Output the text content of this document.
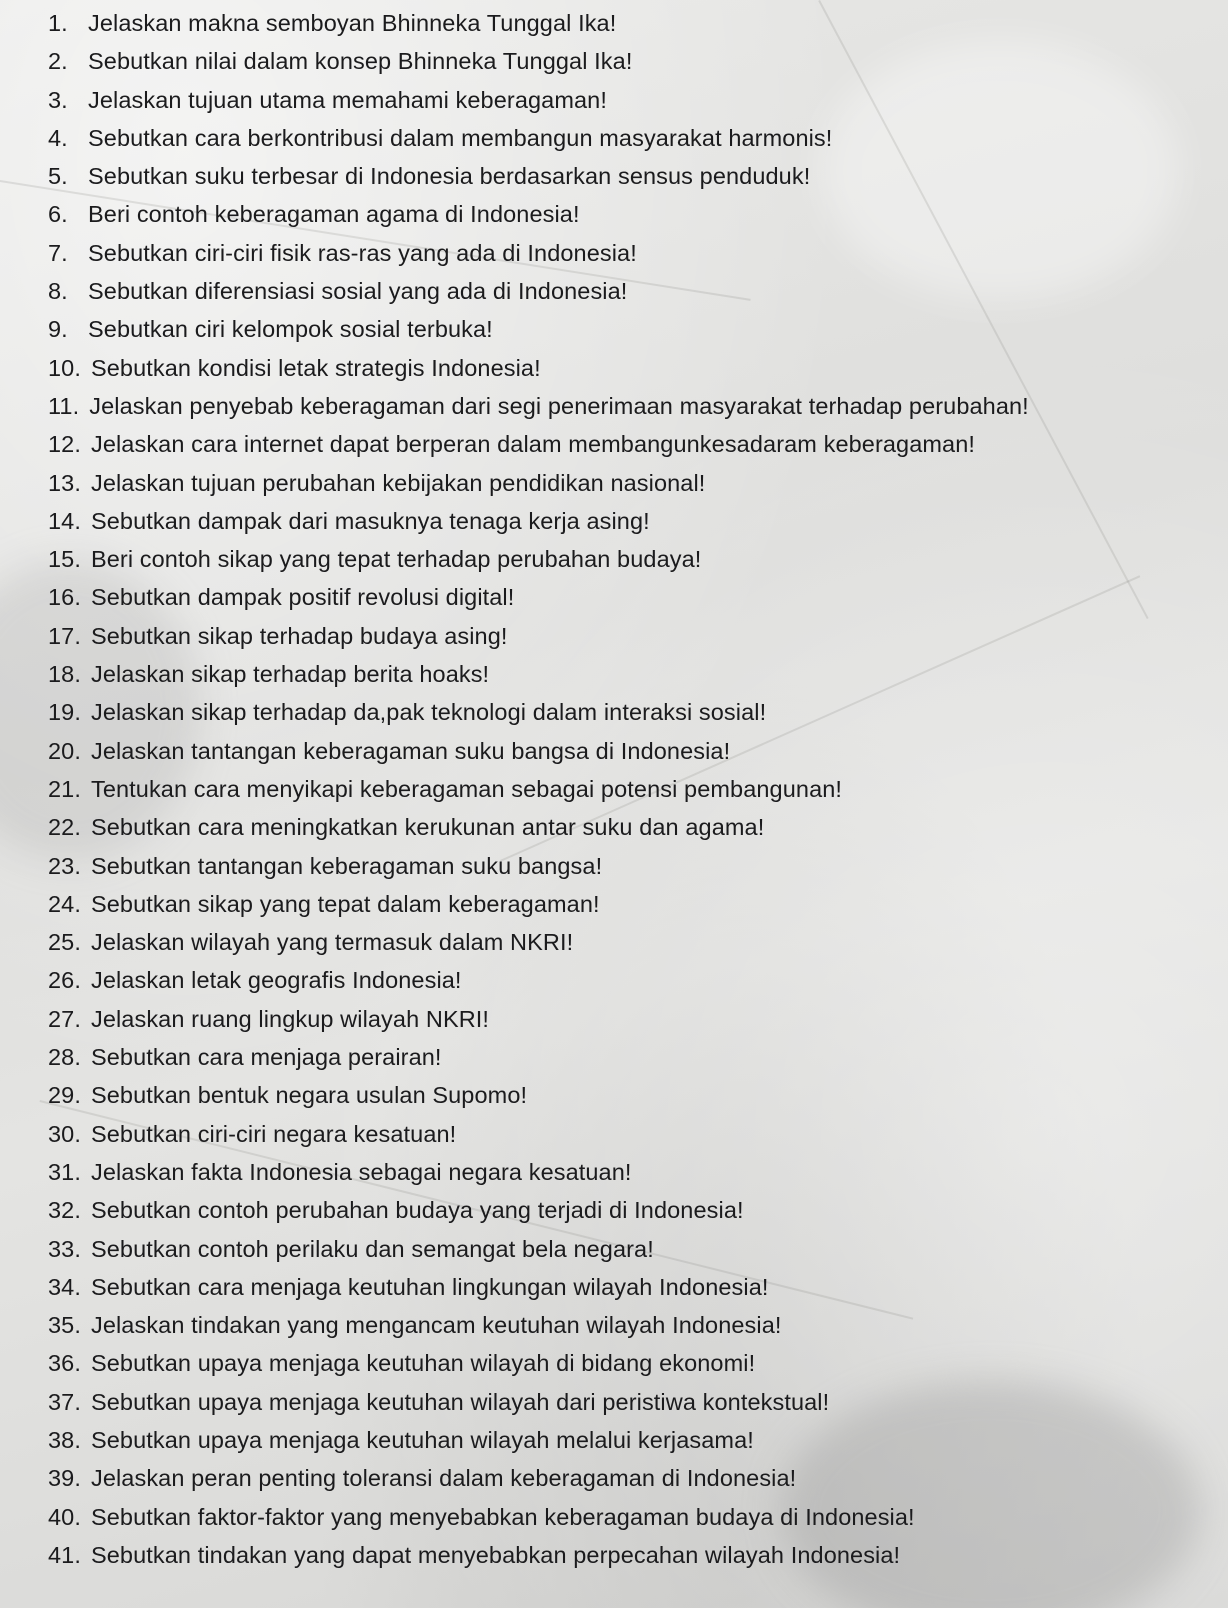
1. Jelaskan makna semboyan Bhinneka Tunggal Ika!
2. Sebutkan nilai dalam konsep Bhinneka Tunggal Ika!
3. Jelaskan tujuan utama memahami keberagaman!
4. Sebutkan cara berkontribusi dalam membangun masyarakat harmonis!
5. Sebutkan suku terbesar di Indonesia berdasarkan sensus penduduk!
6. Beri contoh keberagaman agama di Indonesia!
7. Sebutkan ciri-ciri fisik ras-ras yang ada di Indonesia!
8. Sebutkan diferensiasi sosial yang ada di Indonesia!
9. Sebutkan ciri kelompok sosial terbuka!
10. Sebutkan kondisi letak strategis Indonesia!
11. Jelaskan penyebab keberagaman dari segi penerimaan masyarakat terhadap perubahan!
12. Jelaskan cara internet dapat berperan dalam membangunkesadaram keberagaman!
13. Jelaskan tujuan perubahan kebijakan pendidikan nasional!
14. Sebutkan dampak dari masuknya tenaga kerja asing!
15. Beri contoh sikap yang tepat terhadap perubahan budaya!
16. Sebutkan dampak positif revolusi digital!
17. Sebutkan sikap terhadap budaya asing!
18. Jelaskan sikap terhadap berita hoaks!
19. Jelaskan sikap terhadap da,pak teknologi dalam interaksi sosial!
20. Jelaskan tantangan keberagaman suku bangsa di Indonesia!
21. Tentukan cara menyikapi keberagaman sebagai potensi pembangunan!
22. Sebutkan cara meningkatkan kerukunan antar suku dan agama!
23. Sebutkan tantangan keberagaman suku bangsa!
24. Sebutkan sikap yang tepat dalam keberagaman!
25. Jelaskan wilayah yang termasuk dalam NKRI!
26. Jelaskan letak geografis Indonesia!
27. Jelaskan ruang lingkup wilayah NKRI!
28. Sebutkan cara menjaga perairan!
29. Sebutkan bentuk negara usulan Supomo!
30. Sebutkan ciri-ciri negara kesatuan!
31. Jelaskan fakta Indonesia sebagai negara kesatuan!
32. Sebutkan contoh perubahan budaya yang terjadi di Indonesia!
33. Sebutkan contoh perilaku dan semangat bela negara!
34. Sebutkan cara menjaga keutuhan lingkungan wilayah Indonesia!
35. Jelaskan tindakan yang mengancam keutuhan wilayah Indonesia!
36. Sebutkan upaya menjaga keutuhan wilayah di bidang ekonomi!
37. Sebutkan upaya menjaga keutuhan wilayah dari peristiwa kontekstual!
38. Sebutkan upaya menjaga keutuhan wilayah melalui kerjasama!
39. Jelaskan peran penting toleransi dalam keberagaman di Indonesia!
40. Sebutkan faktor-faktor yang menyebabkan keberagaman budaya di Indonesia!
41. Sebutkan tindakan yang dapat menyebabkan perpecahan wilayah Indonesia!
